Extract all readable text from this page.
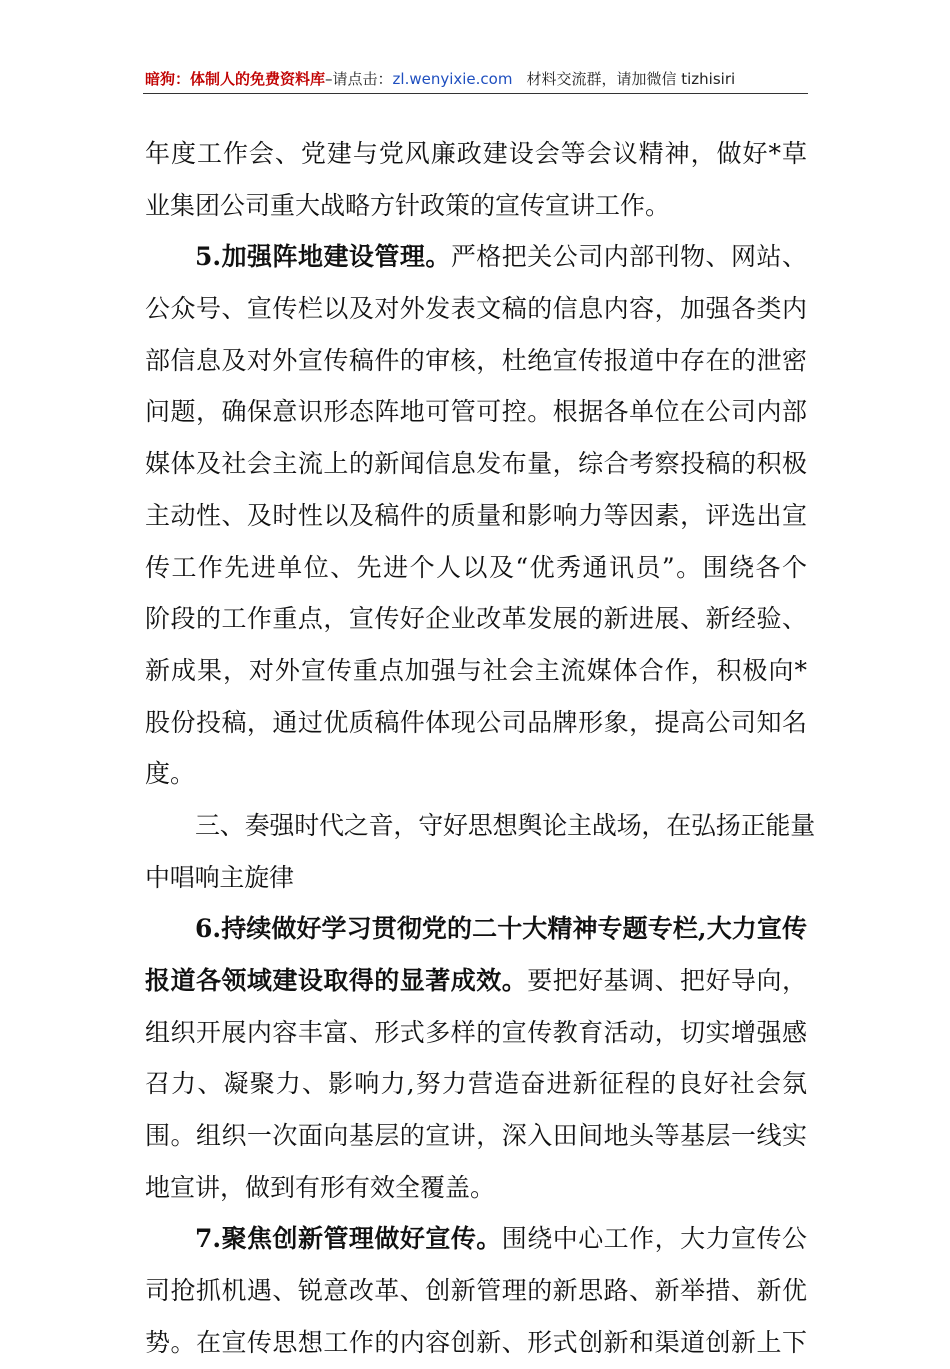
暗狗：体制人的免费资料库–请点击：zl.wenyixie.com 材料交流群，请加微信 tizhisiri
年度工作会、党建与党风廉政建设会等会议精神，做好*草
业集团公司重大战略方针政策的宣传宣讲工作。
5.加强阵地建设管理。严格把关公司内部刊物、网站、
公众号、宣传栏以及对外发表文稿的信息内容，加强各类内
部信息及对外宣传稿件的审核，杜绝宣传报道中存在的泄密
问题，确保意识形态阵地可管可控。根据各单位在公司内部
媒体及社会主流上的新闻信息发布量，综合考察投稿的积极
主动性、及时性以及稿件的质量和影响力等因素，评选出宣
传工作先进单位、先进个人以及“优秀通讯员”。围绕各个
阶段的工作重点，宣传好企业改革发展的新进展、新经验、
新成果，对外宣传重点加强与社会主流媒体合作，积极向*
股份投稿，通过优质稿件体现公司品牌形象，提高公司知名
度。
三、奏强时代之音，守好思想舆论主战场，在弘扬正能量
中唱响主旋律
6.持续做好学习贯彻党的二十大精神专题专栏,大力宣传
报道各领域建设取得的显著成效。要把好基调、把好导向，
组织开展内容丰富、形式多样的宣传教育活动，切实增强感
召力、凝聚力、影响力,努力营造奋进新征程的良好社会氛
围。组织一次面向基层的宣讲，深入田间地头等基层一线实
地宣讲，做到有形有效全覆盖。
7.聚焦创新管理做好宣传。围绕中心工作，大力宣传公
司抢抓机遇、锐意改革、创新管理的新思路、新举措、新优
势。在宣传思想工作的内容创新、形式创新和渠道创新上下
